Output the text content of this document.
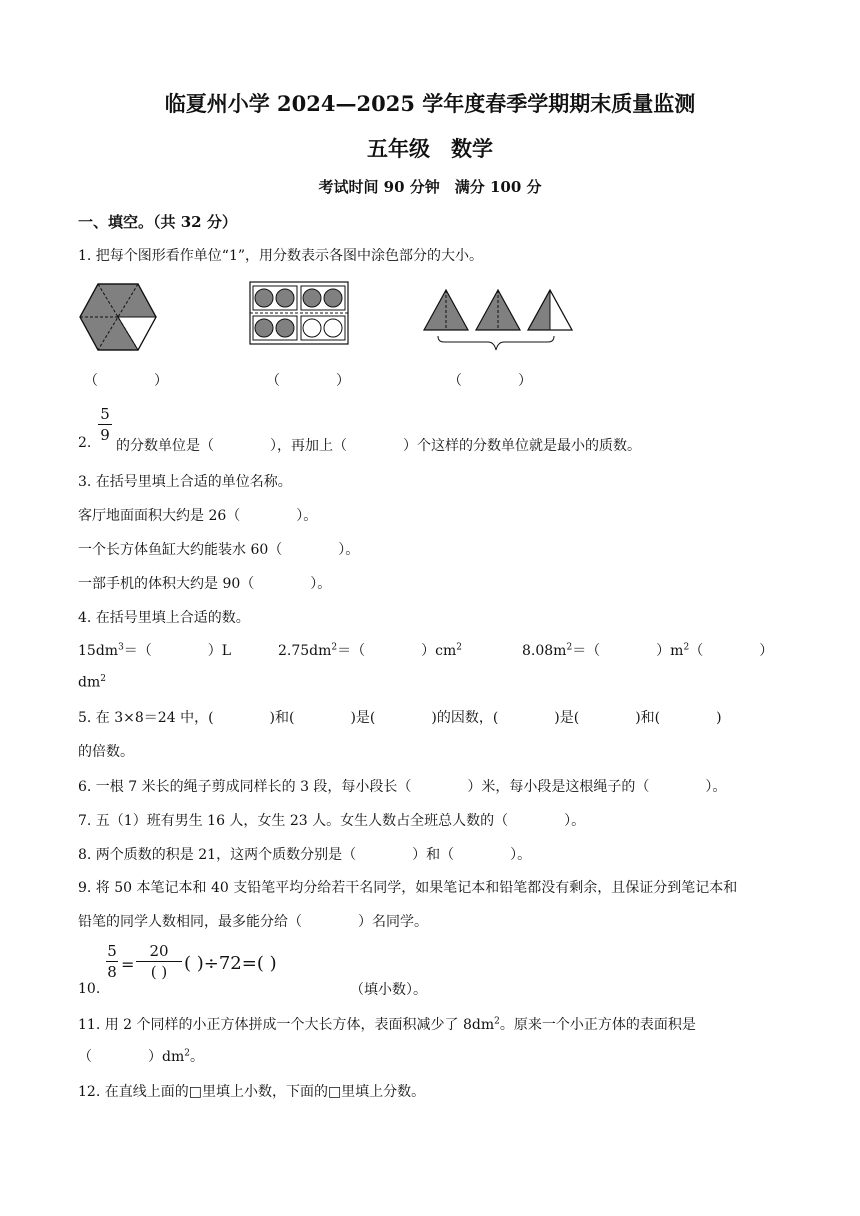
临夏州小学 2024—2025 学年度春季学期期末质量监测
五年级　数学
考试时间 90 分钟　满分 100 分
一、填空。（共 32 分）
1. 把每个图形看作单位“1”，用分数表示各图中涂色部分的大小。
（　　　　）	（　　　　）	（　　　　）
2.
5
9
的分数单位是（　　　　），再加上（　　　　）个这样的分数单位就是最小的质数。
3. 在括号里填上合适的单位名称。
客厅地面面积大约是 26（　　　　）。
一个长方体鱼缸大约能装水 60（　　　　）。
一部手机的体积大约是 90（　　　　）。
4. 在括号里填上合适的数。
$15dm^3=$（　　　　）L	$2.75dm^2=$（　　　　）$cm^2$	$8.08m^2=$（　　　　）$m^2$（　　　　）
$dm^2$
5. 在 3×8＝24 中，(　　　　)和(　　　　)是(　　　　)的因数，(　　　　)是(　　　　)和(　　　　)
的倍数。
6. 一根 7 米长的绳子剪成同样长的 3 段，每小段长（　　　　）米，每小段是这根绳子的（　　　　）。
7. 五（1）班有男生 16 人，女生 23 人。女生人数占全班总人数的（　　　　）。
8. 两个质数的积是 21，这两个质数分别是（　　　　）和（　　　　）。
9. 将 50 本笔记本和 40 支铅笔平均分给若干名同学，如果笔记本和铅笔都没有剩余，且保证分到笔记本和
铅笔的同学人数相同，最多能分给（　　　　）名同学。
10.
5
8 =
20
( ) ( )÷72=( )
（填小数）。
11. 用 2 个同样的小正方体拼成一个大长方体，表面积减少了 $8dm^2$。原来一个小正方体的表面积是
（　　　　）$dm^2$。
12. 在直线上面的□里填上小数，下面的□里填上分数。
